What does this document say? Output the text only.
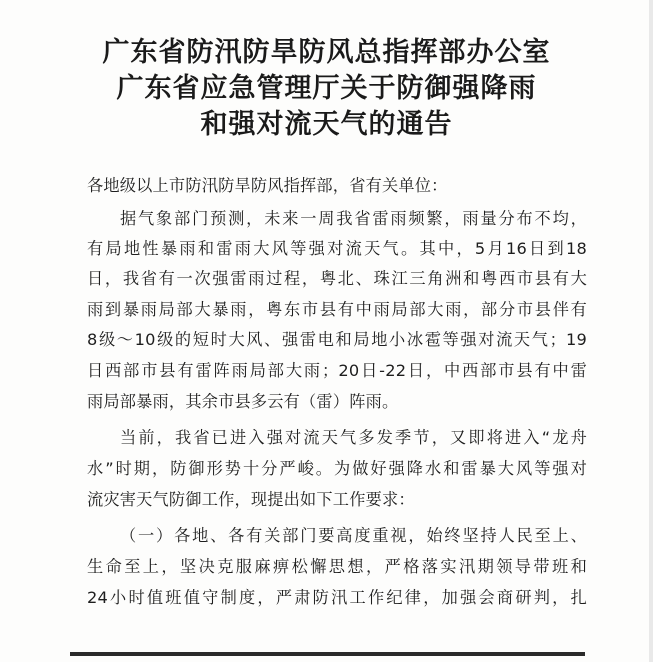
广东省防汛防旱防风总指挥部办公室
广东省应急管理厅关于防御强降雨
和强对流天气的通告
各地级以上市防汛防旱防风指挥部，省有关单位：
据气象部门预测，未来一周我省雷雨频繁，雨量分布不均，
有局地性暴雨和雷雨大风等强对流天气。其中，5月16日到18
日，我省有一次强雷雨过程，粤北、珠江三角洲和粤西市县有大
雨到暴雨局部大暴雨，粤东市县有中雨局部大雨，部分市县伴有
8级～10级的短时大风、强雷电和局地小冰雹等强对流天气；19
日西部市县有雷阵雨局部大雨；20日-22日，中西部市县有中雷
雨局部暴雨，其余市县多云有（雷）阵雨。
当前，我省已进入强对流天气多发季节，又即将进入“龙舟
水”时期，防御形势十分严峻。为做好强降水和雷暴大风等强对
流灾害天气防御工作，现提出如下工作要求：
（一）各地、各有关部门要高度重视，始终坚持人民至上、
生命至上，坚决克服麻痹松懈思想，严格落实汛期领导带班和
24小时值班值守制度，严肃防汛工作纪律，加强会商研判，扎
